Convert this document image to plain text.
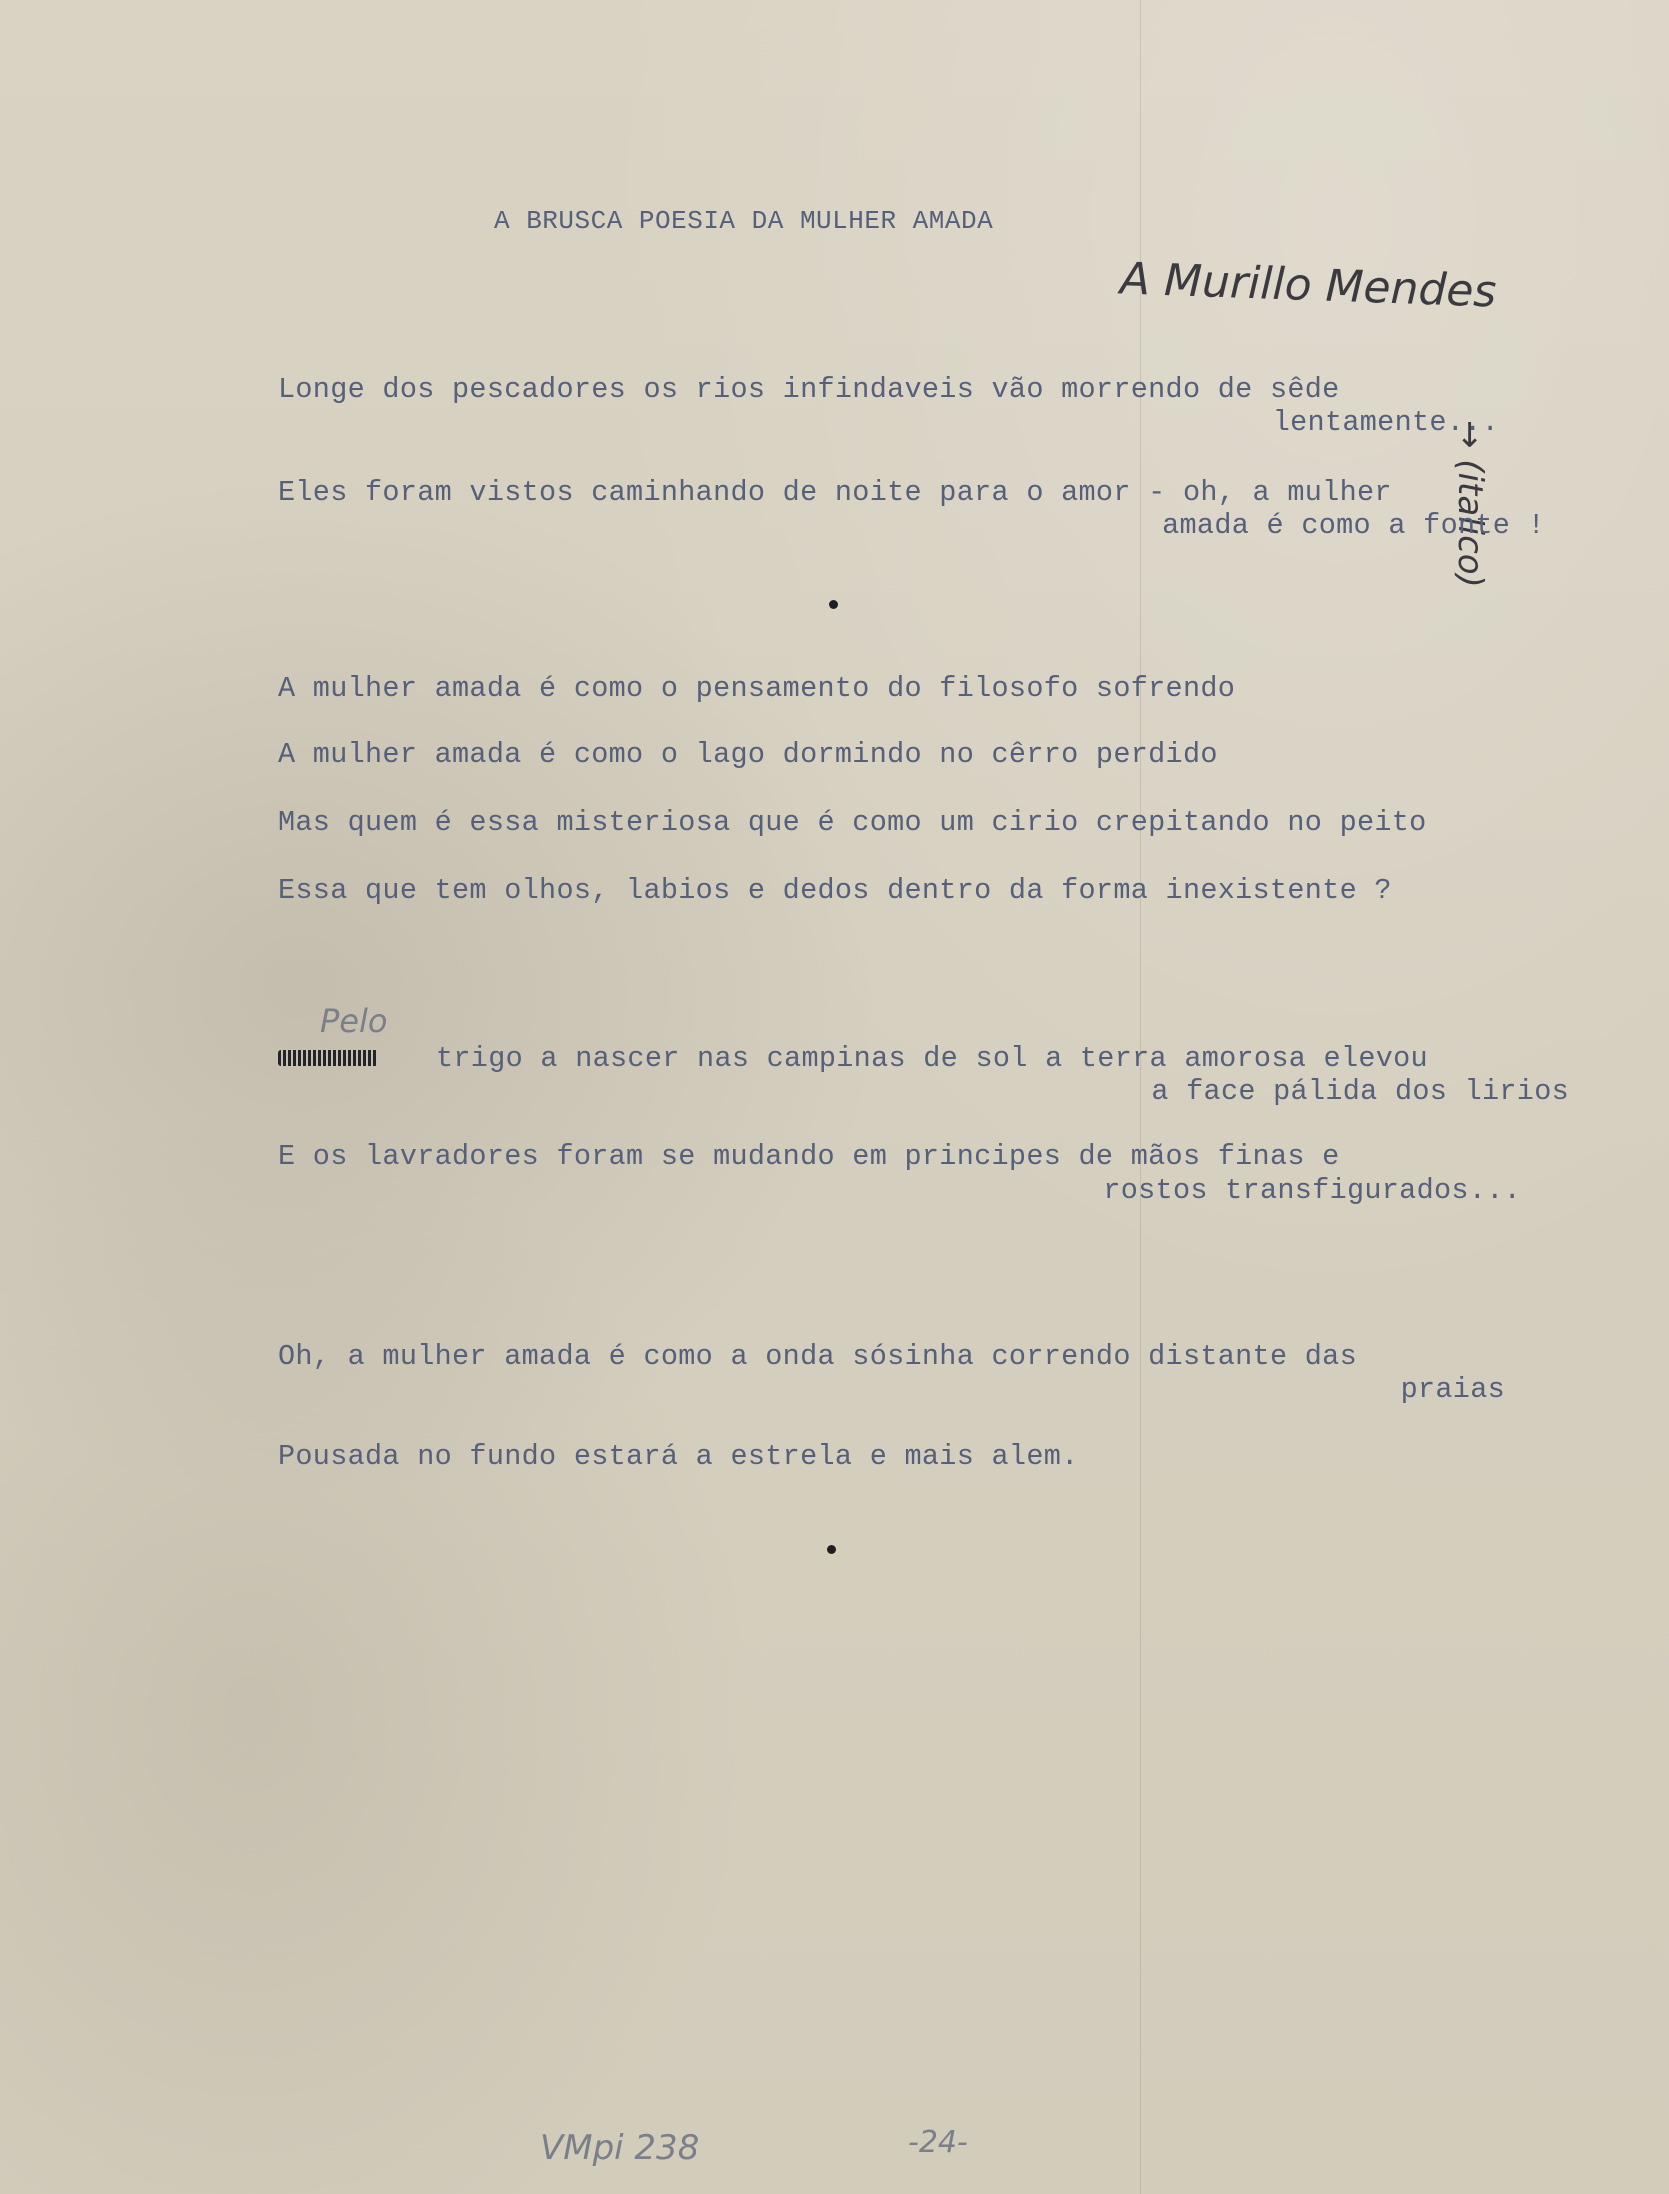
A BRUSCA POESIA DA MULHER AMADA

A Murillo Mendes

→ (italico)

Longe dos pescadores os rios infindaveis vão morrendo de sêde

lentamente...

Eles foram vistos caminhando de noite para o amor - oh, a mulher

amada é como a fonte !

A mulher amada é como o pensamento do filosofo sofrendo

A mulher amada é como o lago dormindo no cêrro perdido

Mas quem é essa misteriosa que é como um cirio crepitando no peito

Essa que tem olhos, labios e dedos dentro da forma inexistente ?

Pelo

trigo a nascer nas campinas de sol a terra amorosa elevou

a face pálida dos lirios

E os lavradores foram se mudando em principes de mãos finas e

rostos transfigurados...

Oh, a mulher amada é como a onda sósinha correndo distante das

praias

Pousada no fundo estará a estrela e mais alem.

VMpi 238	-24-
